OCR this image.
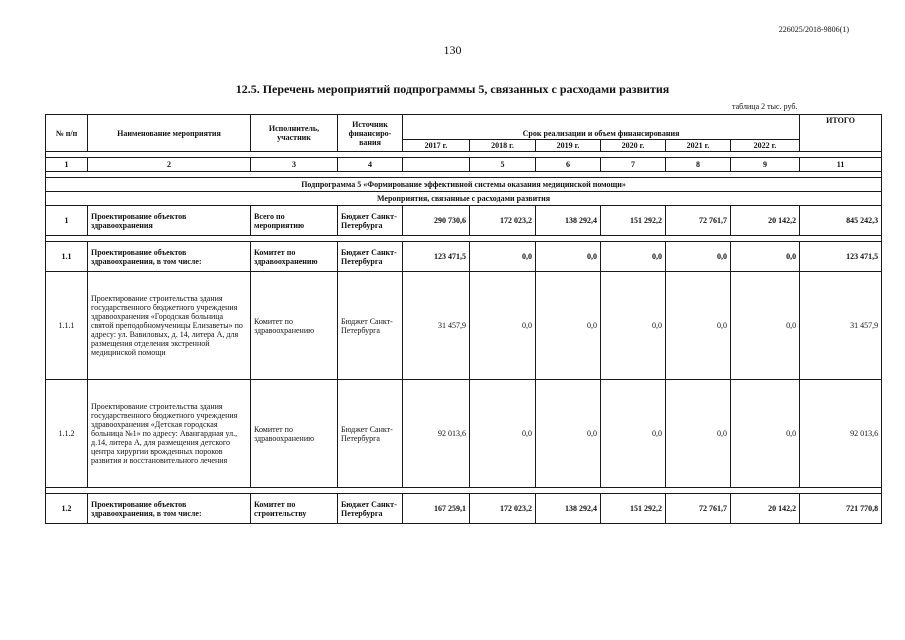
226025/2018-9806(1)
130
12.5. Перечень мероприятий подпрограммы 5, связанных с расходами развития
таблица 2 тыс. руб.
№ п/п	Наименование мероприятия	Исполнитель, участник	Источник финансиро-вания	Срок реализации и объем финансирования						ИТОГО
				2017 г.	2018 г.	2019 г.	2020 г.	2021 г.	2022 г.	

1	2	3	4		5	6	7	8	9	11

Подпрограмма 5 «Формирование эффективной системы оказания медицинской помощи»										
Мероприятия, связанные с расходами развития										
1	Проектирование объектов здравоохранения	Всего по мероприятию	Бюджет Санкт-Петербурга	290 730,6	172 023,2	138 292,4	151 292,2	72 761,7	20 142,2	845 242,3

1.1	Проектирование объектов здравоохранения, в том числе:	Комитет по здравоохранению	Бюджет Санкт-Петербурга	123 471,5	0,0	0,0	0,0	0,0	0,0	123 471,5
1.1.1	Проектирование строительства здания государственного бюджетного учреждения здравоохранения «Городская больница святой преподобномученицы Елизаветы» по адресу: ул. Вавиловых, д. 14, литера А, для размещения отделения экстренной медицинской помощи	Комитет по здравоохранению	Бюджет Санкт-Петербурга	31 457,9	0,0	0,0	0,0	0,0	0,0	31 457,9
1.1.2	Проектирование строительства здания государственного бюджетного учреждения здравоохранения «Детская городская больница №1» по адресу: Авангардная ул., д.14, литера А, для размещения детского центра хирургии врожденных пороков развития и восстановительного лечения	Комитет по здравоохранению	Бюджет Санкт-Петербурга	92 013,6	0,0	0,0	0,0	0,0	0,0	92 013,6

1.2	Проектирование объектов здравоохранения, в том числе:	Комитет по строительству	Бюджет Санкт-Петербурга	167 259,1	172 023,2	138 292,4	151 292,2	72 761,7	20 142,2	721 770,8
